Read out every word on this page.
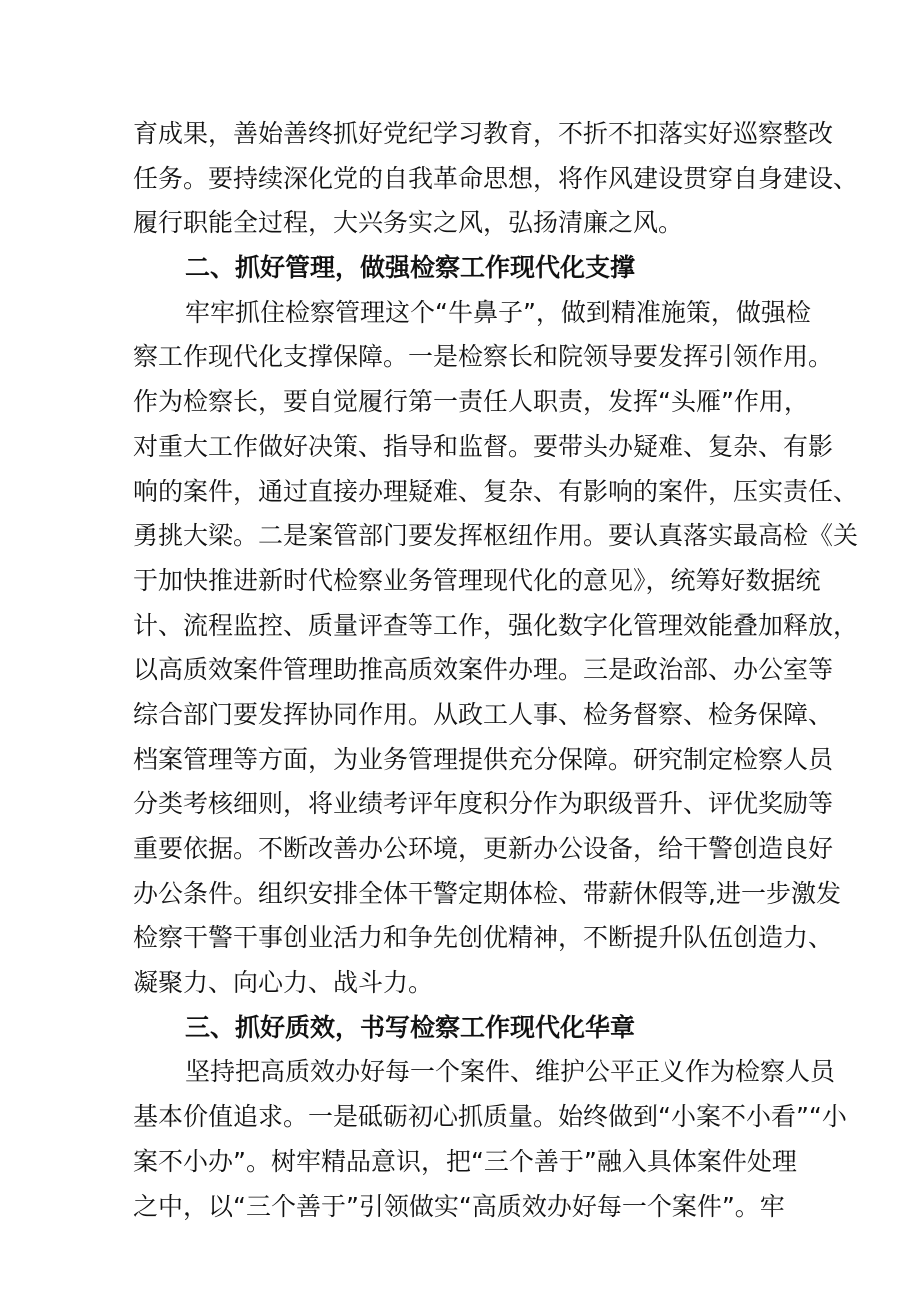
育成果，善始善终抓好党纪学习教育，不折不扣落实好巡察整改
任务。要持续深化党的自我革命思想，将作风建设贯穿自身建设、
履行职能全过程，大兴务实之风，弘扬清廉之风。
二、抓好管理，做强检察工作现代化支撑
牢牢抓住检察管理这个“牛鼻子”，做到精准施策，做强检
察工作现代化支撑保障。一是检察长和院领导要发挥引领作用。
作为检察长，要自觉履行第一责任人职责，发挥“头雁”作用，
对重大工作做好决策、指导和监督。要带头办疑难、复杂、有影
响的案件，通过直接办理疑难、复杂、有影响的案件，压实责任、
勇挑大梁。二是案管部门要发挥枢纽作用。要认真落实最高检《关
于加快推进新时代检察业务管理现代化的意见》，统筹好数据统
计、流程监控、质量评查等工作，强化数字化管理效能叠加释放，
以高质效案件管理助推高质效案件办理。三是政治部、办公室等
综合部门要发挥协同作用。从政工人事、检务督察、检务保障、
档案管理等方面，为业务管理提供充分保障。研究制定检察人员
分类考核细则，将业绩考评年度积分作为职级晋升、评优奖励等
重要依据。不断改善办公环境，更新办公设备，给干警创造良好
办公条件。组织安排全体干警定期体检、带薪休假等,进一步激发
检察干警干事创业活力和争先创优精神，不断提升队伍创造力、
凝聚力、向心力、战斗力。
三、抓好质效，书写检察工作现代化华章
坚持把高质效办好每一个案件、维护公平正义作为检察人员
基本价值追求。一是砥砺初心抓质量。始终做到“小案不小看”“小
案不小办”。树牢精品意识，把“三个善于”融入具体案件处理
之中，以“三个善于”引领做实“高质效办好每一个案件”。牢
